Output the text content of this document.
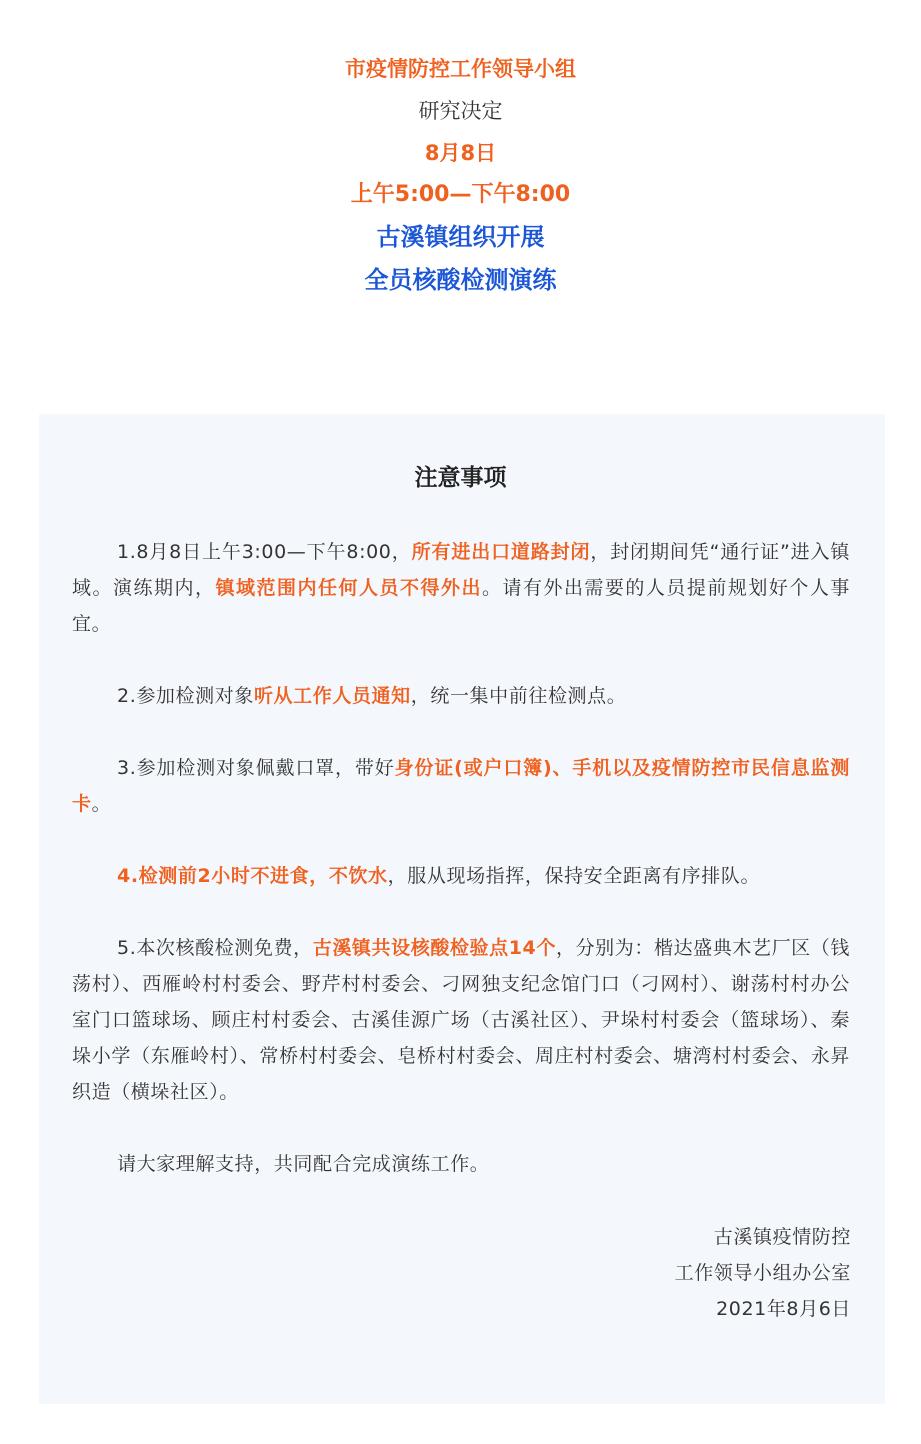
市疫情防控工作领导小组
研究决定
8月8日
上午5:00—下午8:00
古溪镇组织开展
全员核酸检测演练
注意事项

1.8月8日上午3:00—下午8:00，所有进出口道路封闭，封闭期间凭“通行证”进入镇域。演练期内，镇域范围内任何人员不得外出。请有外出需要的人员提前规划好个人事宜。

2.参加检测对象听从工作人员通知，统一集中前往检测点。

3.参加检测对象佩戴口罩，带好身份证(或户口簿)、手机以及疫情防控市民信息监测卡。

4.检测前2小时不进食，不饮水，服从现场指挥，保持安全距离有序排队。

5.本次核酸检测免费，古溪镇共设核酸检验点14个，分别为：楷达盛典木艺厂区（钱荡村）、西雁岭村村委会、野芹村村委会、刁网独支纪念馆门口（刁网村）、谢荡村村办公室门口篮球场、顾庄村村委会、古溪佳源广场（古溪社区）、尹垛村村委会（篮球场）、秦垛小学（东雁岭村）、常桥村村委会、皂桥村村委会、周庄村村委会、塘湾村村委会、永昇织造（横垛社区）。

请大家理解支持，共同配合完成演练工作。

古溪镇疫情防控
工作领导小组办公室
2021年8月6日
